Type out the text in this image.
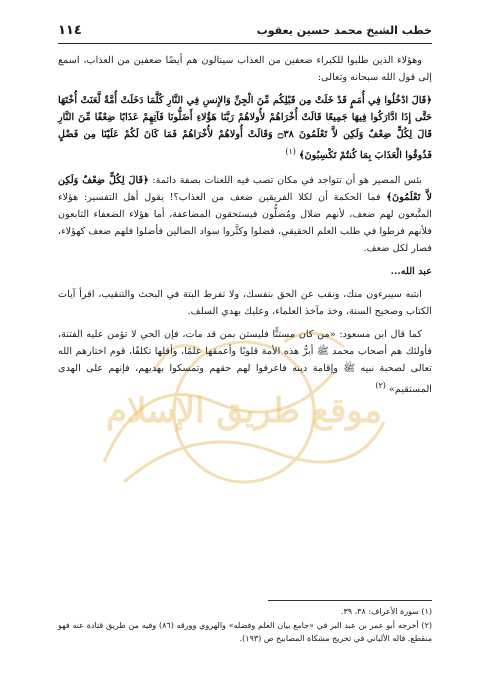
خطب الشيخ محمد حسين يعقوب
١١٤
موقع طريق الإسلام

وهؤلاء الذين طلبوا للكبراء ضعفين من العذاب سينالون هم أيضًا ضعفين من العذاب، اسمع إلى قول الله سبحانه وتعالى:

﴿قَالَ ادْخُلُوا فِي أُمَمٍ قَدْ خَلَتْ مِن قَبْلِكُم مِّنَ الْجِنِّ وَالإِنسِ فِي النَّارِ كُلَّمَا دَخَلَتْ أُمَّةٌ لَّعَنَتْ أُخْتَهَا حَتَّى إِذَا ادَّارَكُوا فِيهَا جَمِيعًا قَالَتْ أُخْرَاهُمْ لأُولاهُمْ رَبَّنَا هَؤُلاءِ أَضَلُّونَا فَآتِهِمْ عَذَابًا ضِعْفًا مِّنَ النَّارِ قَالَ لِكُلٍّ ضِعْفٌ وَلَكِن لاَّ تَعْلَمُونَ ۝٣٨ وَقَالَتْ أُولاهُمْ لأُخْرَاهُمْ فَمَا كَانَ لَكُمْ عَلَيْنَا مِن فَضْلٍ فَذُوقُوا الْعَذَابَ بِمَا كُنتُمْ تَكْسِبُونَ﴾ $^{(١)}$

بئس المصير هو أن تتواجد في مكان تصب فيه اللعنات بصفة دائمة: ﴿قَالَ لِكُلٍّ ضِعْفٌ وَلَكِن لاَّ تَعْلَمُونَ﴾ فما الحكمة أن لكلا الفريقين ضعف من العذاب؟! يقول أهل التفسير: هؤلاء المتَّبعون لهم ضعف، لأنهم ضلال ومُضلُّون فيستحقون المضاعفة، أما هؤلاء الضعفاء التابعون فلأنهم فرطوا في طلب العلم الحقيقي، فضلوا وكثَّروا سواد الضالين فأضلوا فلهم ضعف كهؤلاء، فصار لكل ضعف.

عبد الله...

انتبه سيبرءون منك، ونقب عن الحق بنفسك، ولا تفرط البتة في البحث والتنقيب، اقرأ آيات الكتاب وصحيح السنة، وخذ مآخذ العلماء، وعليك بهدي السلف.

كما قال ابن مسعود: «من كان مستنًّا فليستن بمن قد مات، فإن الحي لا تؤمن عليه الفتنة، فأولئك هم أصحاب محمد ﷺ أبرُّ هذه الأمة قلوبًا وأعمقها علمًا، وأقلها تكلفًا، قوم اختارهم الله تعالى لصحبة نبيه ﷺ وإقامة دينه فاعرفوا لهم حقهم وتمسكوا بهديهم، فإنهم على الهدى المستقيم» $^{(٢)}$

(١) سورة الأعراف: ٣٨، ٣٩.

(٢) أخرجه أبو عمر بن عبد البر في «جامع بيان العلم وفضله» والهروي وورقه (٨٦) وفيه من طريق قتادة عنه فهو منقطع. قاله الألباني في تخريج مشكاة المصابيح ص (١٩٣).
